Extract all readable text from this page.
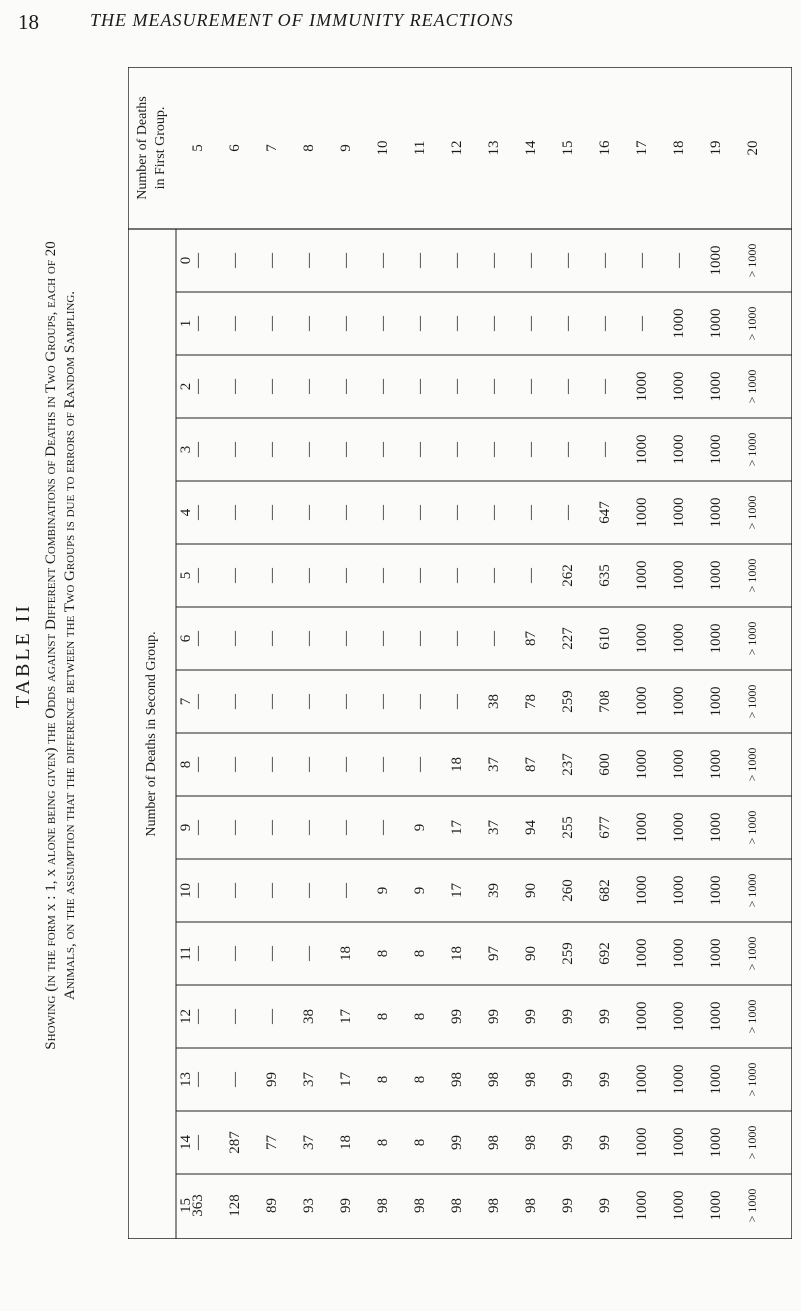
18	THE MEASUREMENT OF IMMUNITY REACTIONS
TABLE II Showing (in the form x : 1, x alone being given) the Odds against Different Combinations of Deaths in Two Groups, each of 20 Animals, on the assumption that the difference between the Two Groups is due to errors of Random Sampling.	Number of Deaths in Second Group.
Number of Deaths in First Group.
0
1
2
3
4
5
6
7
8
9
10
11
12
13
14
15
5
—
—
—
—
—
—
—
—
—
—
—
—
—
—
—
363
6
—
—
—
—
—
—
—
—
—
—
—
—
—
—
287
128
7
—
—
—
—
—
—
—
—
—
—
—
—
—
99
77
89
8
—
—
—
—
—
—
—
—
—
—
—
—
38
37
37
93
9
—
—
—
—
—
—
—
—
—
—
—
18
17
17
18
99
10
—
—
—
—
—
—
—
—
—
—
9
8
8
8
8
98
11
—
—
—
—
—
—
—
—
—
9
9
8
8
8
8
98
12
—
—
—
—
—
—
—
—
18
17
17
18
99
98
99
98
13
—
—
—
—
—
—
—
38
37
37
39
97
99
98
98
98
14
—
—
—
—
—
—
87
78
87
94
90
90
99
98
98
98
15
—
—
—
—
—
262
227
259
237
255
260
259
99
99
99
99
16
—
—
—
—
647
635
610
708
600
677
682
692
99
99
99
99
17
—
—
1000
1000
1000
1000
1000
1000
1000
1000
1000
1000
1000
1000
1000
1000
18
—
1000
1000
1000
1000
1000
1000
1000
1000
1000
1000
1000
1000
1000
1000
1000
19
1000
1000
1000
1000
1000
1000
1000
1000
1000
1000
1000
1000
1000
1000
1000
1000
20
> 1000
> 1000
> 1000
> 1000
> 1000
> 1000
> 1000
> 1000
> 1000
> 1000
> 1000
> 1000
> 1000
> 1000
> 1000
> 1000
